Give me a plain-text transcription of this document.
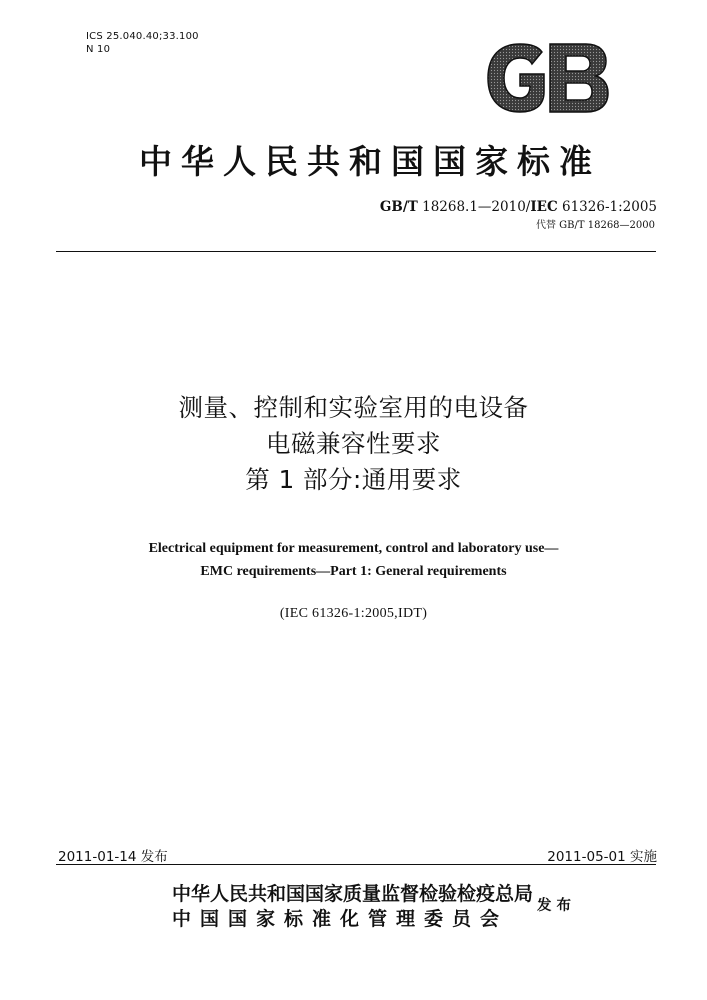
ICS 25.040.40;33.100
N 10
中华人民共和国国家标准
GB/T 18268.1—2010/IEC 61326-1:2005
代替 GB/T 18268—2000
测量、控制和实验室用的电设备
电磁兼容性要求
第 1 部分:通用要求
Electrical equipment for measurement, control and laboratory use—
EMC requirements—Part 1: General requirements
(IEC 61326-1:2005,IDT)
2011-01-14 发布	2011-05-01 实施
中华人民共和国国家质量监督检验检疫总局
中国国家标准化管理委员会
发布
